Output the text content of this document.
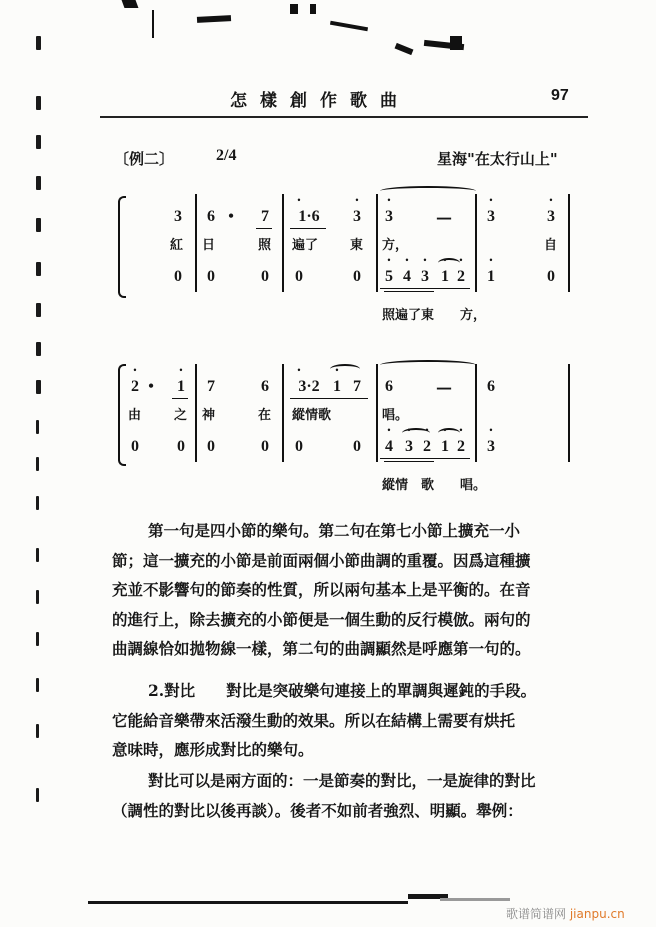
怎樣創作歌曲	97
〔例二〕	2/4	星海"在太行山上"
3 6 • 7	• 1·6	• 3 • 3	— • 3	• 3
紅 日	照 遍了 東 方，	自
0 0	0 0	0 • 5 • 4 • 3 • 1 • 2 • 1	0
照遍了東　　方，
• 2 • • 1 7	6	• 3·2 • 1 7 6	— 6
由	之 神	在 縱情歌	唱。
0 0 0	0 0	0 • 4 • 3 • 2 • 1 • 2 • 3
縱情　歌　　唱。
第一句是四小節的樂句。第二句在第七小節上擴充一小
節；這一擴充的小節是前面兩個小節曲調的重覆。因爲這種擴
充並不影響句的節奏的性質，所以兩句基本上是平衡的。在音
的進行上，除去擴充的小節便是一個生動的反行模倣。兩句的
曲調線恰如拋物線一樣，第二句的曲調顯然是呼應第一句的。
2.對比　　對比是突破樂句連接上的單調與遲鈍的手段。
它能給音樂帶來活潑生動的效果。所以在結構上需要有烘托
意味時，應形成對比的樂句。
對比可以是兩方面的：一是節奏的對比，一是旋律的對比
（調性的對比以後再談）。後者不如前者強烈、明顯。舉例：
歌谱简谱网 jianpu.cn
